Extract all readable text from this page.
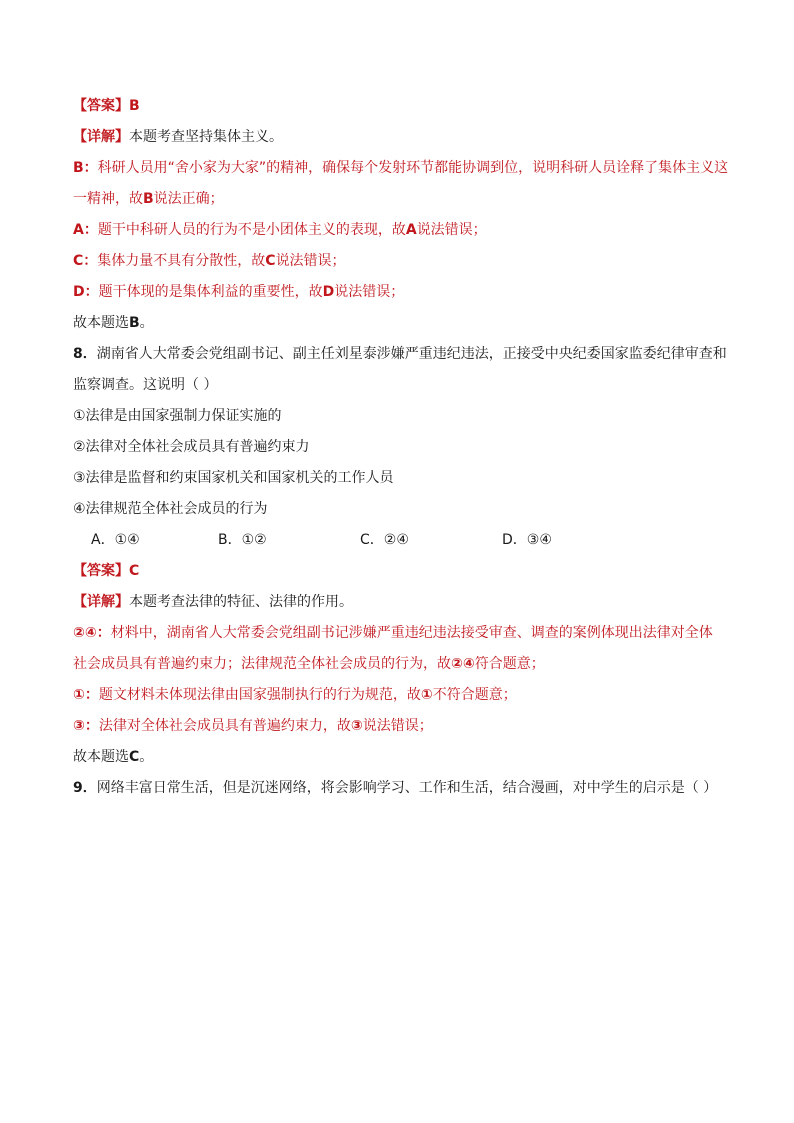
【答案】B
【详解】本题考查坚持集体主义。
B：科研人员用“舍小家为大家”的精神，确保每个发射环节都能协调到位，说明科研人员诠释了集体主义这
一精神，故B说法正确；
A：题干中科研人员的行为不是小团体主义的表现，故A说法错误；
C：集体力量不具有分散性，故C说法错误；
D：题干体现的是集体利益的重要性，故D说法错误；
故本题选B。
8．湖南省人大常委会党组副书记、副主任刘星泰涉嫌严重违纪违法，正接受中央纪委国家监委纪律审查和
监察调查。这说明（ ）
①法律是由国家强制力保证实施的
②法律对全体社会成员具有普遍约束力
③法律是监督和约束国家机关和国家机关的工作人员
④法律规范全体社会成员的行为
A．①④	B．①②	C．②④	D．③④
【答案】C
【详解】本题考查法律的特征、法律的作用。
②④：材料中，湖南省人大常委会党组副书记涉嫌严重违纪违法接受审查、调查的案例体现出法律对全体
社会成员具有普遍约束力；法律规范全体社会成员的行为，故②④符合题意；
①：题文材料未体现法律由国家强制执行的行为规范，故①不符合题意；
③：法律对全体社会成员具有普遍约束力，故③说法错误；
故本题选C。
9．网络丰富日常生活，但是沉迷网络，将会影响学习、工作和生活，结合漫画，对中学生的启示是（ ）
